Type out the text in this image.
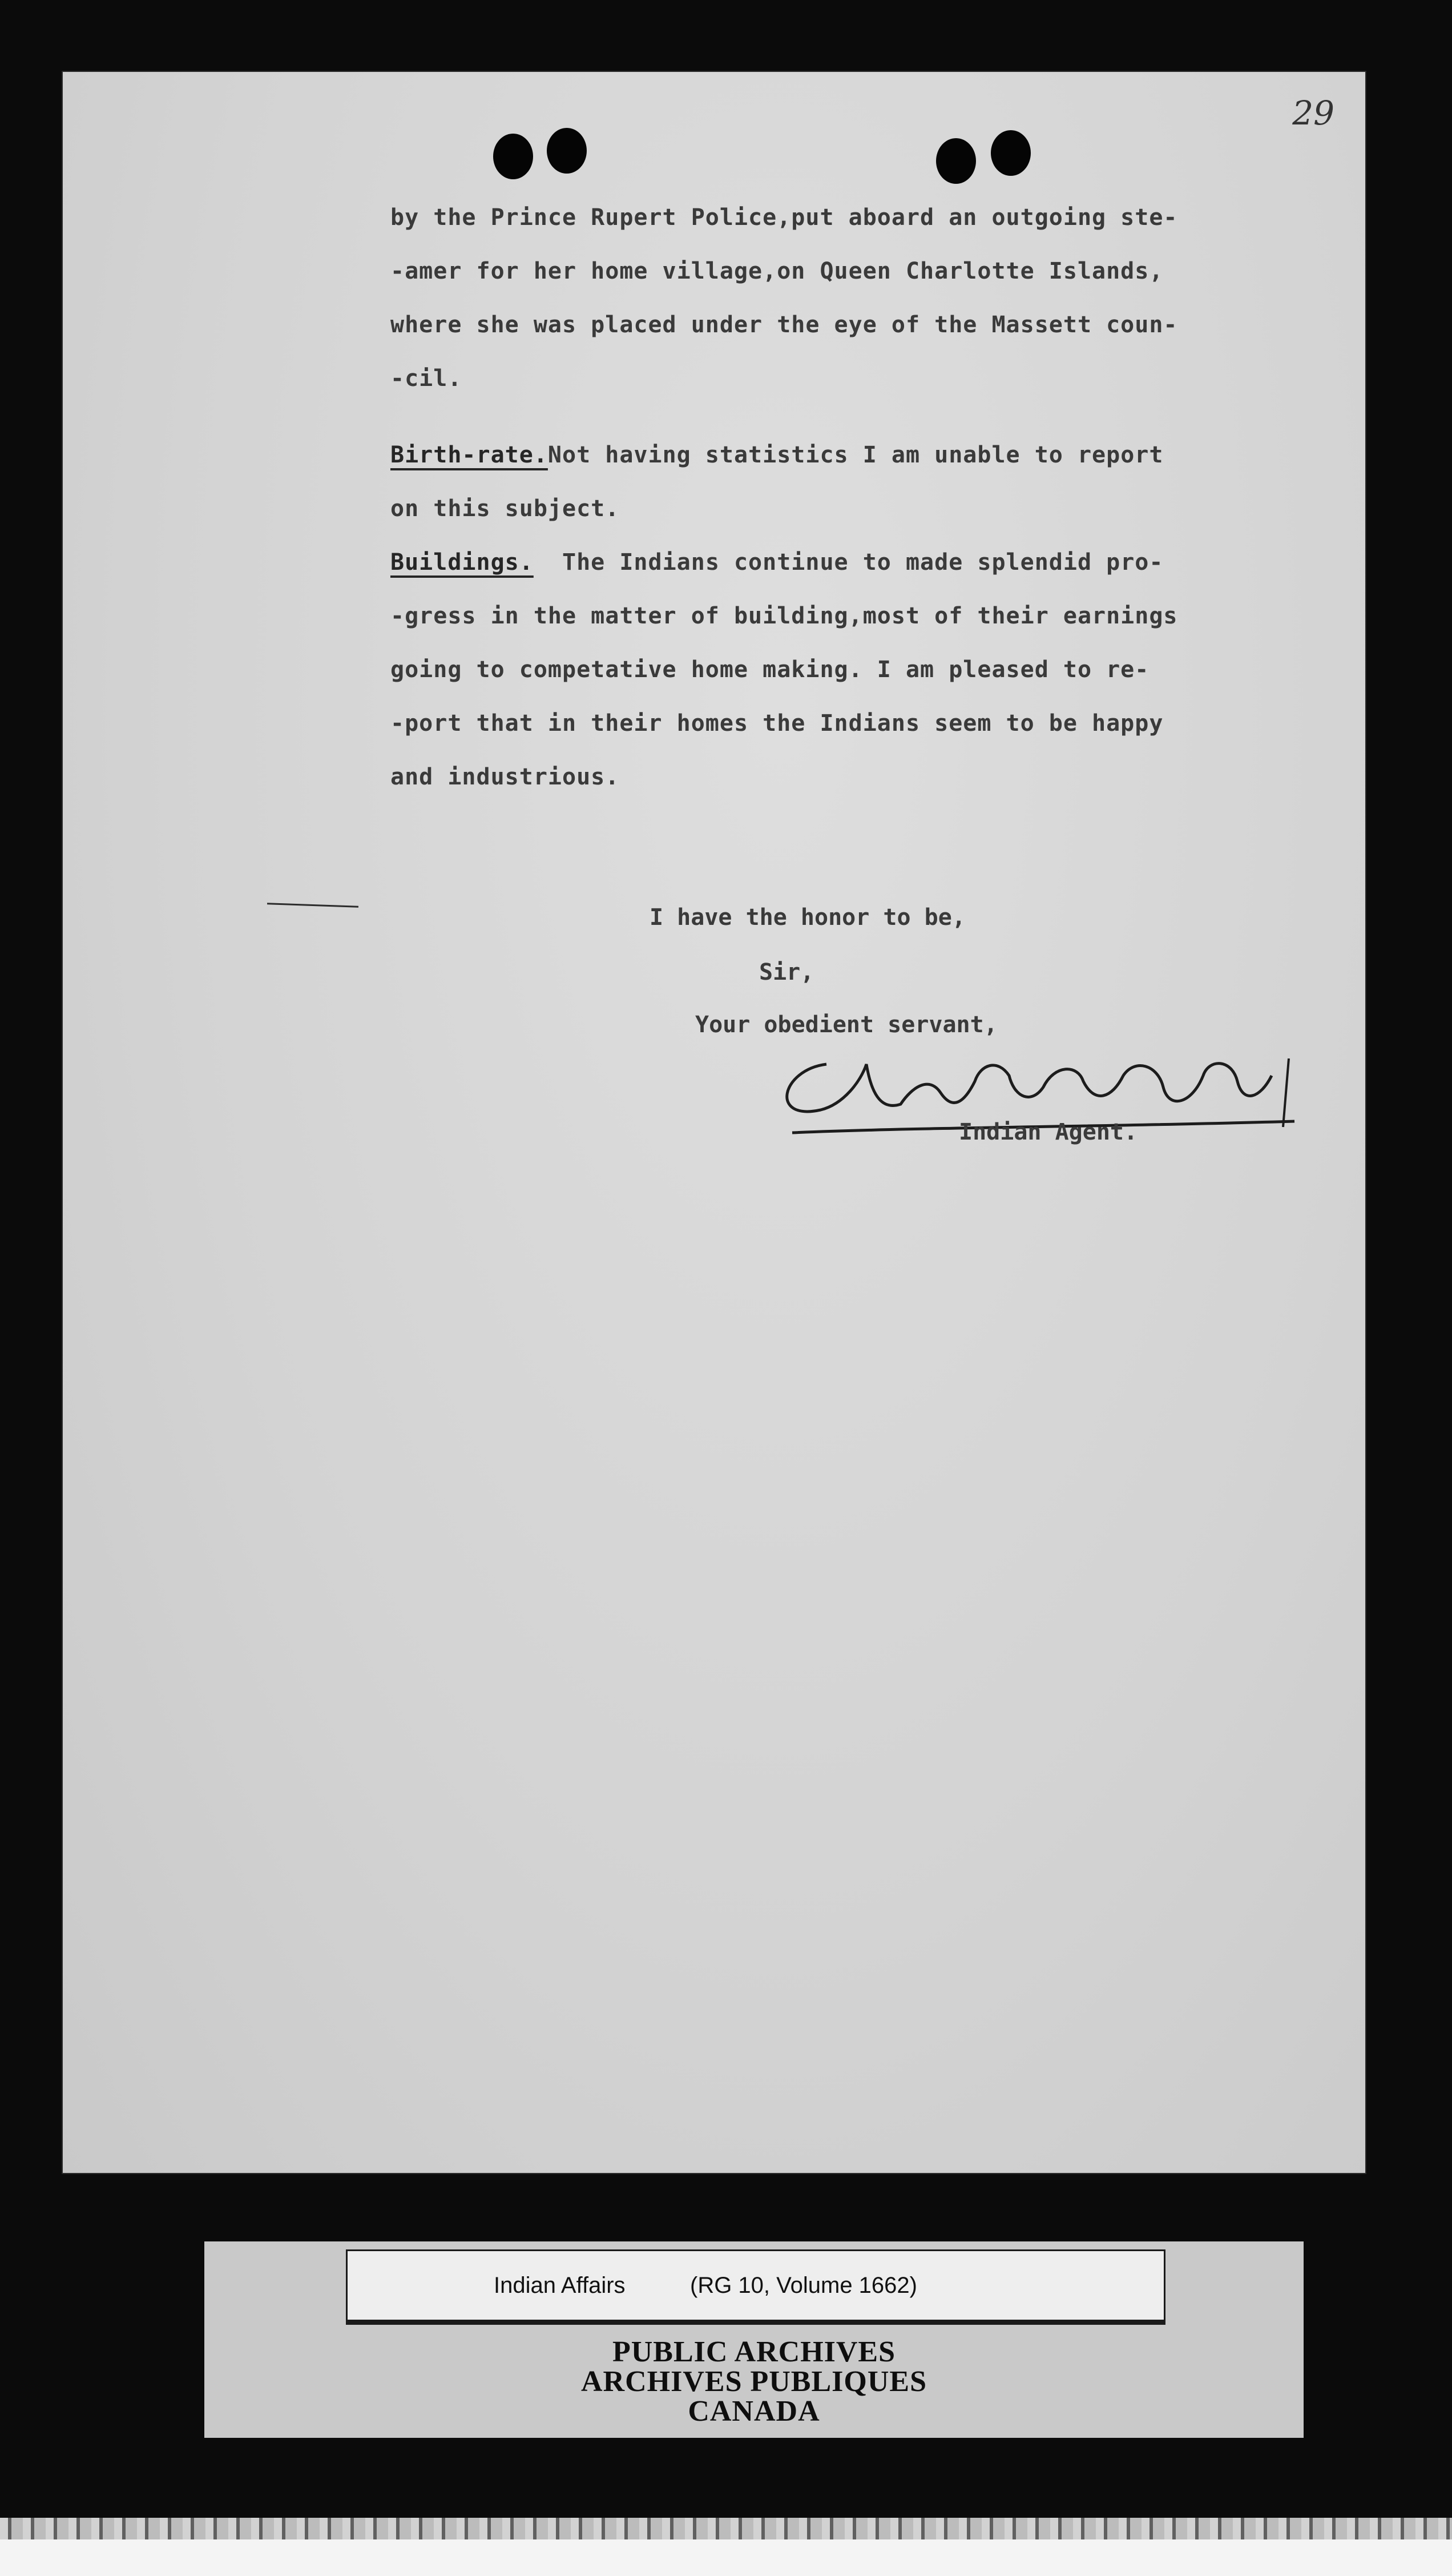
29
by the Prince Rupert Police,put aboard an outgoing ste-
-amer for her home village,on Queen Charlotte Islands,
where she was placed under the eye of the Massett coun-
-cil.
Birth-rate.Not having statistics I am unable to report
on this subject.
Buildings.  The Indians continue to made splendid pro-
-gress in the matter of building,most of their earnings
going to competative home making. I am pleased to re-
-port that in their homes the Indians seem to be happy
and industrious.
I have the honor to be,
Sir,
Your obedient servant,
Indian Agent.
Indian Affairs	(RG 10, Volume 1662)
PUBLIC ARCHIVES
ARCHIVES PUBLIQUES
CANADA
